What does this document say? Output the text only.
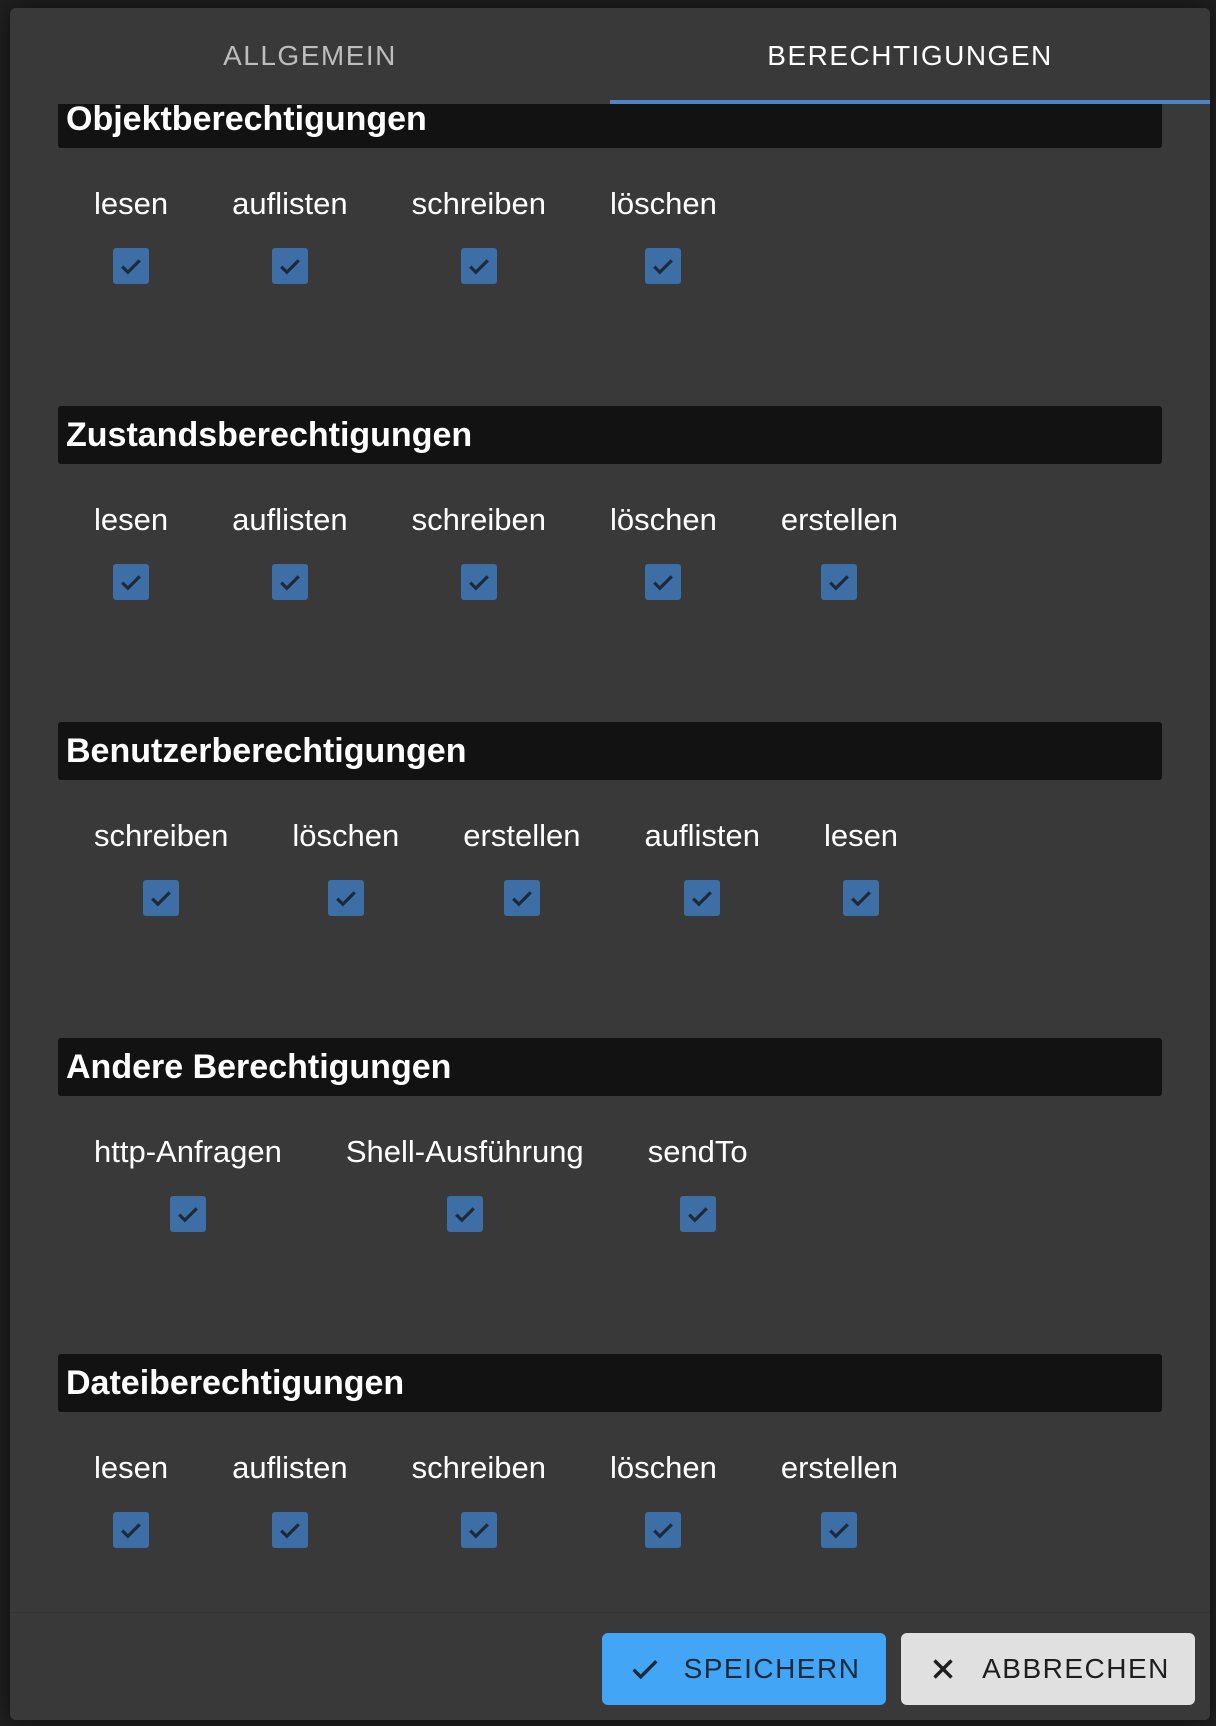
ALLGEMEIN	BERECHTIGUNGEN
Objektberechtigungen
lesen auflisten schreiben löschen
Zustandsberechtigungen
lesen auflisten schreiben löschen erstellen
Benutzerberechtigungen
schreiben löschen erstellen auflisten lesen
Andere Berechtigungen
http-Anfragen Shell-Ausführung sendTo
Dateiberechtigungen
lesen auflisten schreiben löschen erstellen
SPEICHERN	ABBRECHEN
